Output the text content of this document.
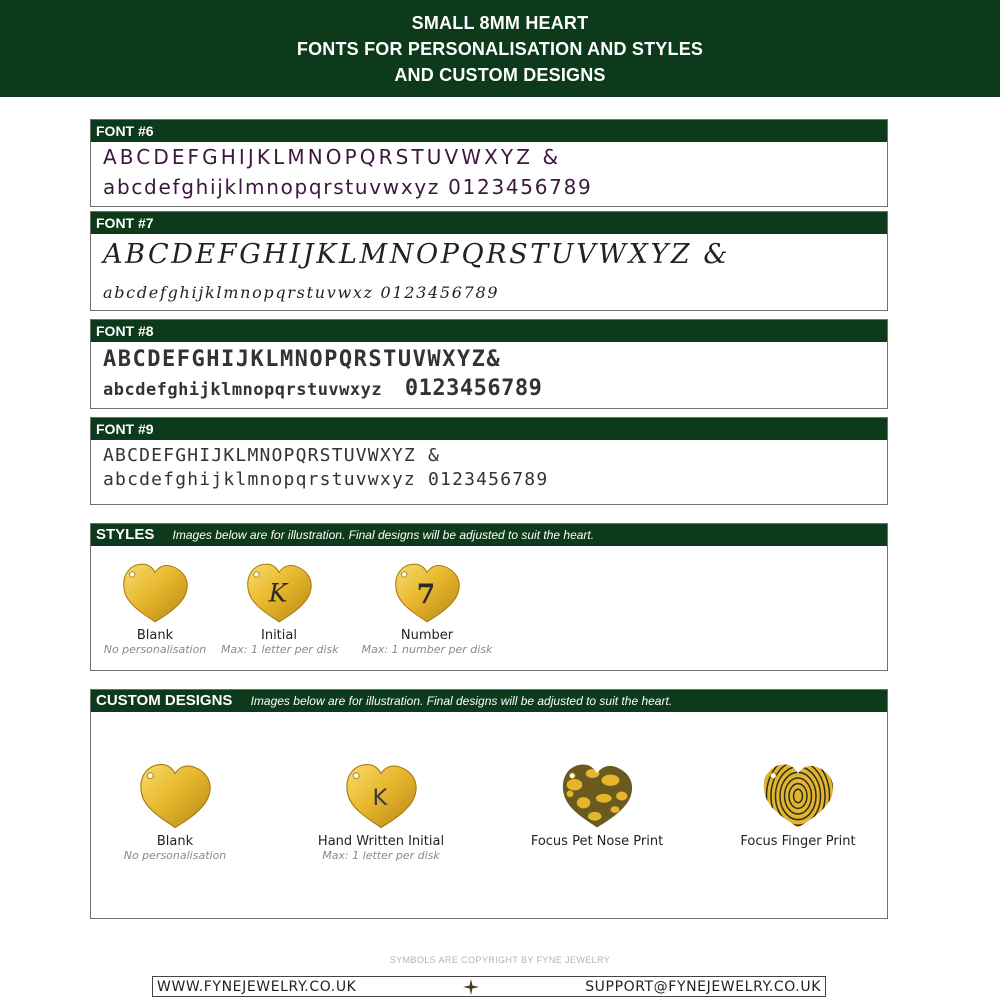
SMALL 8MM HEART
FONTS FOR PERSONALISATION AND STYLES
AND CUSTOM DESIGNS
FONT #6
ABCDEFGHIJKLMNOPQRSTUVWXYZ &
abcdefghijklmnopqrstuvwxyz 0123456789
FONT #7
ABCDEFGHIJKLMNOPQRSTUVWXYZ &
abcdefghijklmnopqrstuvwxz 0123456789
FONT #8
ABCDEFGHIJKLMNOPQRSTUVWXYZ&
abcdefghijklmnopqrstuvwxyz 0123456789
FONT #9
ABCDEFGHIJKLMNOPQRSTUVWXYZ &
abcdefghijklmnopqrstuvwxyz 0123456789
STYLES Images below are for illustration. Final designs will be adjusted to suit the heart.
Blank
No personalisation
K
Initial
Max: 1 letter per disk
7
Number
Max: 1 number per disk
CUSTOM DESIGNS Images below are for illustration. Final designs will be adjusted to suit the heart.
Blank
No personalisation
K
Hand Written Initial
Max: 1 letter per disk
Focus Pet Nose Print	Focus Finger Print
SYMBOLS ARE COPYRIGHT BY FYNE JEWELRY
WWW.FYNEJEWELRY.CO.UK	SUPPORT@FYNEJEWELRY.CO.UK
